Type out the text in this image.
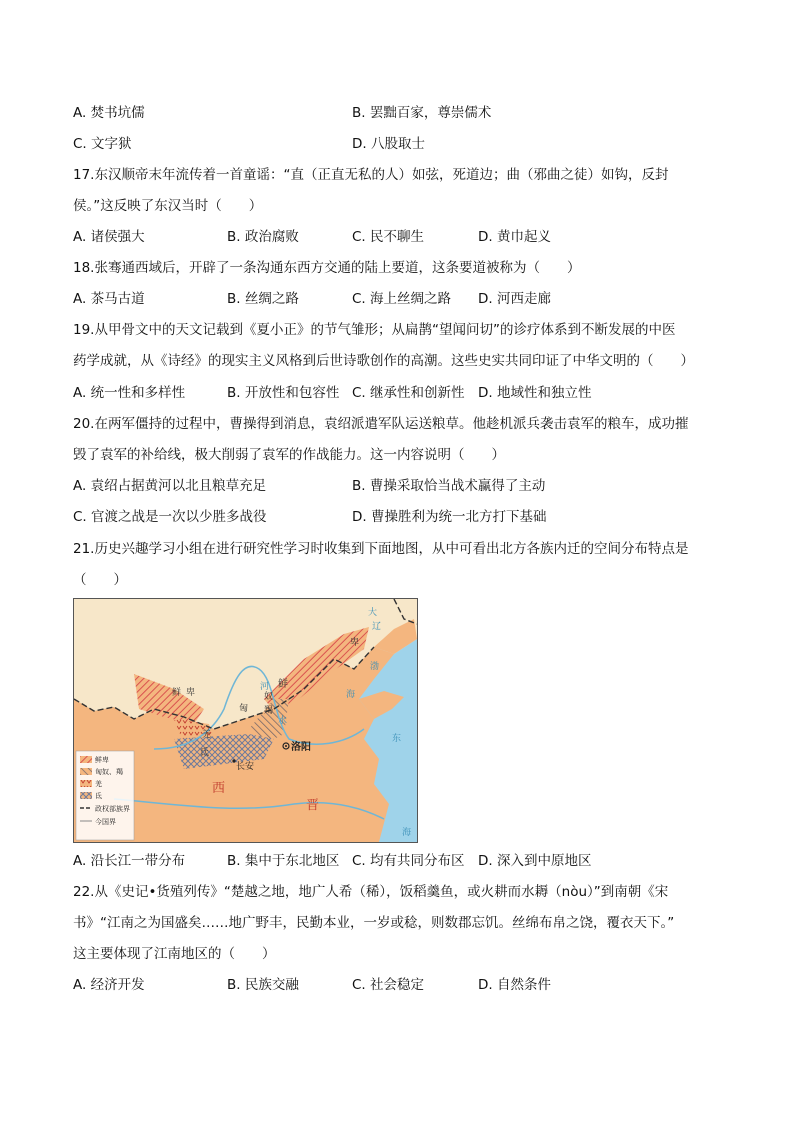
A. 焚书坑儒	B. 罢黜百家，尊崇儒术
C. 文字狱	D. 八股取士
17.东汉顺帝末年流传着一首童谣：“直（正直无私的人）如弦，死道边；曲（邪曲之徒）如钩，反封
侯。”这反映了东汉当时（　　）
A. 诸侯强大	B. 政治腐败	C. 民不聊生	D. 黄巾起义
18.张骞通西域后，开辟了一条沟通东西方交通的陆上要道，这条要道被称为（　　）
A. 茶马古道	B. 丝绸之路	C. 海上丝绸之路 D. 河西走廊
19.从甲骨文中的天文记载到《夏小正》的节气雏形；从扁鹊“望闻问切”的诊疗体系到不断发展的中医
药学成就，从《诗经》的现实主义风格到后世诗歌创作的高潮。这些史实共同印证了中华文明的（　　）
A. 统一性和多样性	B. 开放性和包容性 C. 继承性和创新性 D. 地域性和独立性
20.在两军僵持的过程中，曹操得到消息，袁绍派遣军队运送粮草。他趁机派兵袭击袁军的粮车，成功摧
毁了袁军的补给线，极大削弱了袁军的作战能力。这一内容说明（　　）
A. 袁绍占据黄河以北且粮草充足	B. 曹操采取恰当战术赢得了主动
C. 官渡之战是一次以少胜多战役	D. 曹操胜利为统一北方打下基础
21.历史兴趣学习小组在进行研究性学习时收集到下面地图，从中可看出北方各族内迁的空间分布特点是
（　　）
鲜
卑
鲜 卑
匈
奴
羯
羌
氐	洛阳
长安
西
晋
河
水
渤
海
东
海
大
辽
鲜卑
匈奴、羯
羌
氐
政权部族界
今国界
A. 沿长江一带分布	B. 集中于东北地区 C. 均有共同分布区 D. 深入到中原地区
22.从《史记•货殖列传》“楚越之地，地广人希（稀），饭稻羹鱼，或火耕而水耨（nòu）”到南朝《宋
书》“江南之为国盛矣……地广野丰，民勤本业，一岁或稔，则数郡忘饥。丝绵布帛之饶，覆衣天下。”
这主要体现了江南地区的（　　）
A. 经济开发	B. 民族交融	C. 社会稳定	D. 自然条件
